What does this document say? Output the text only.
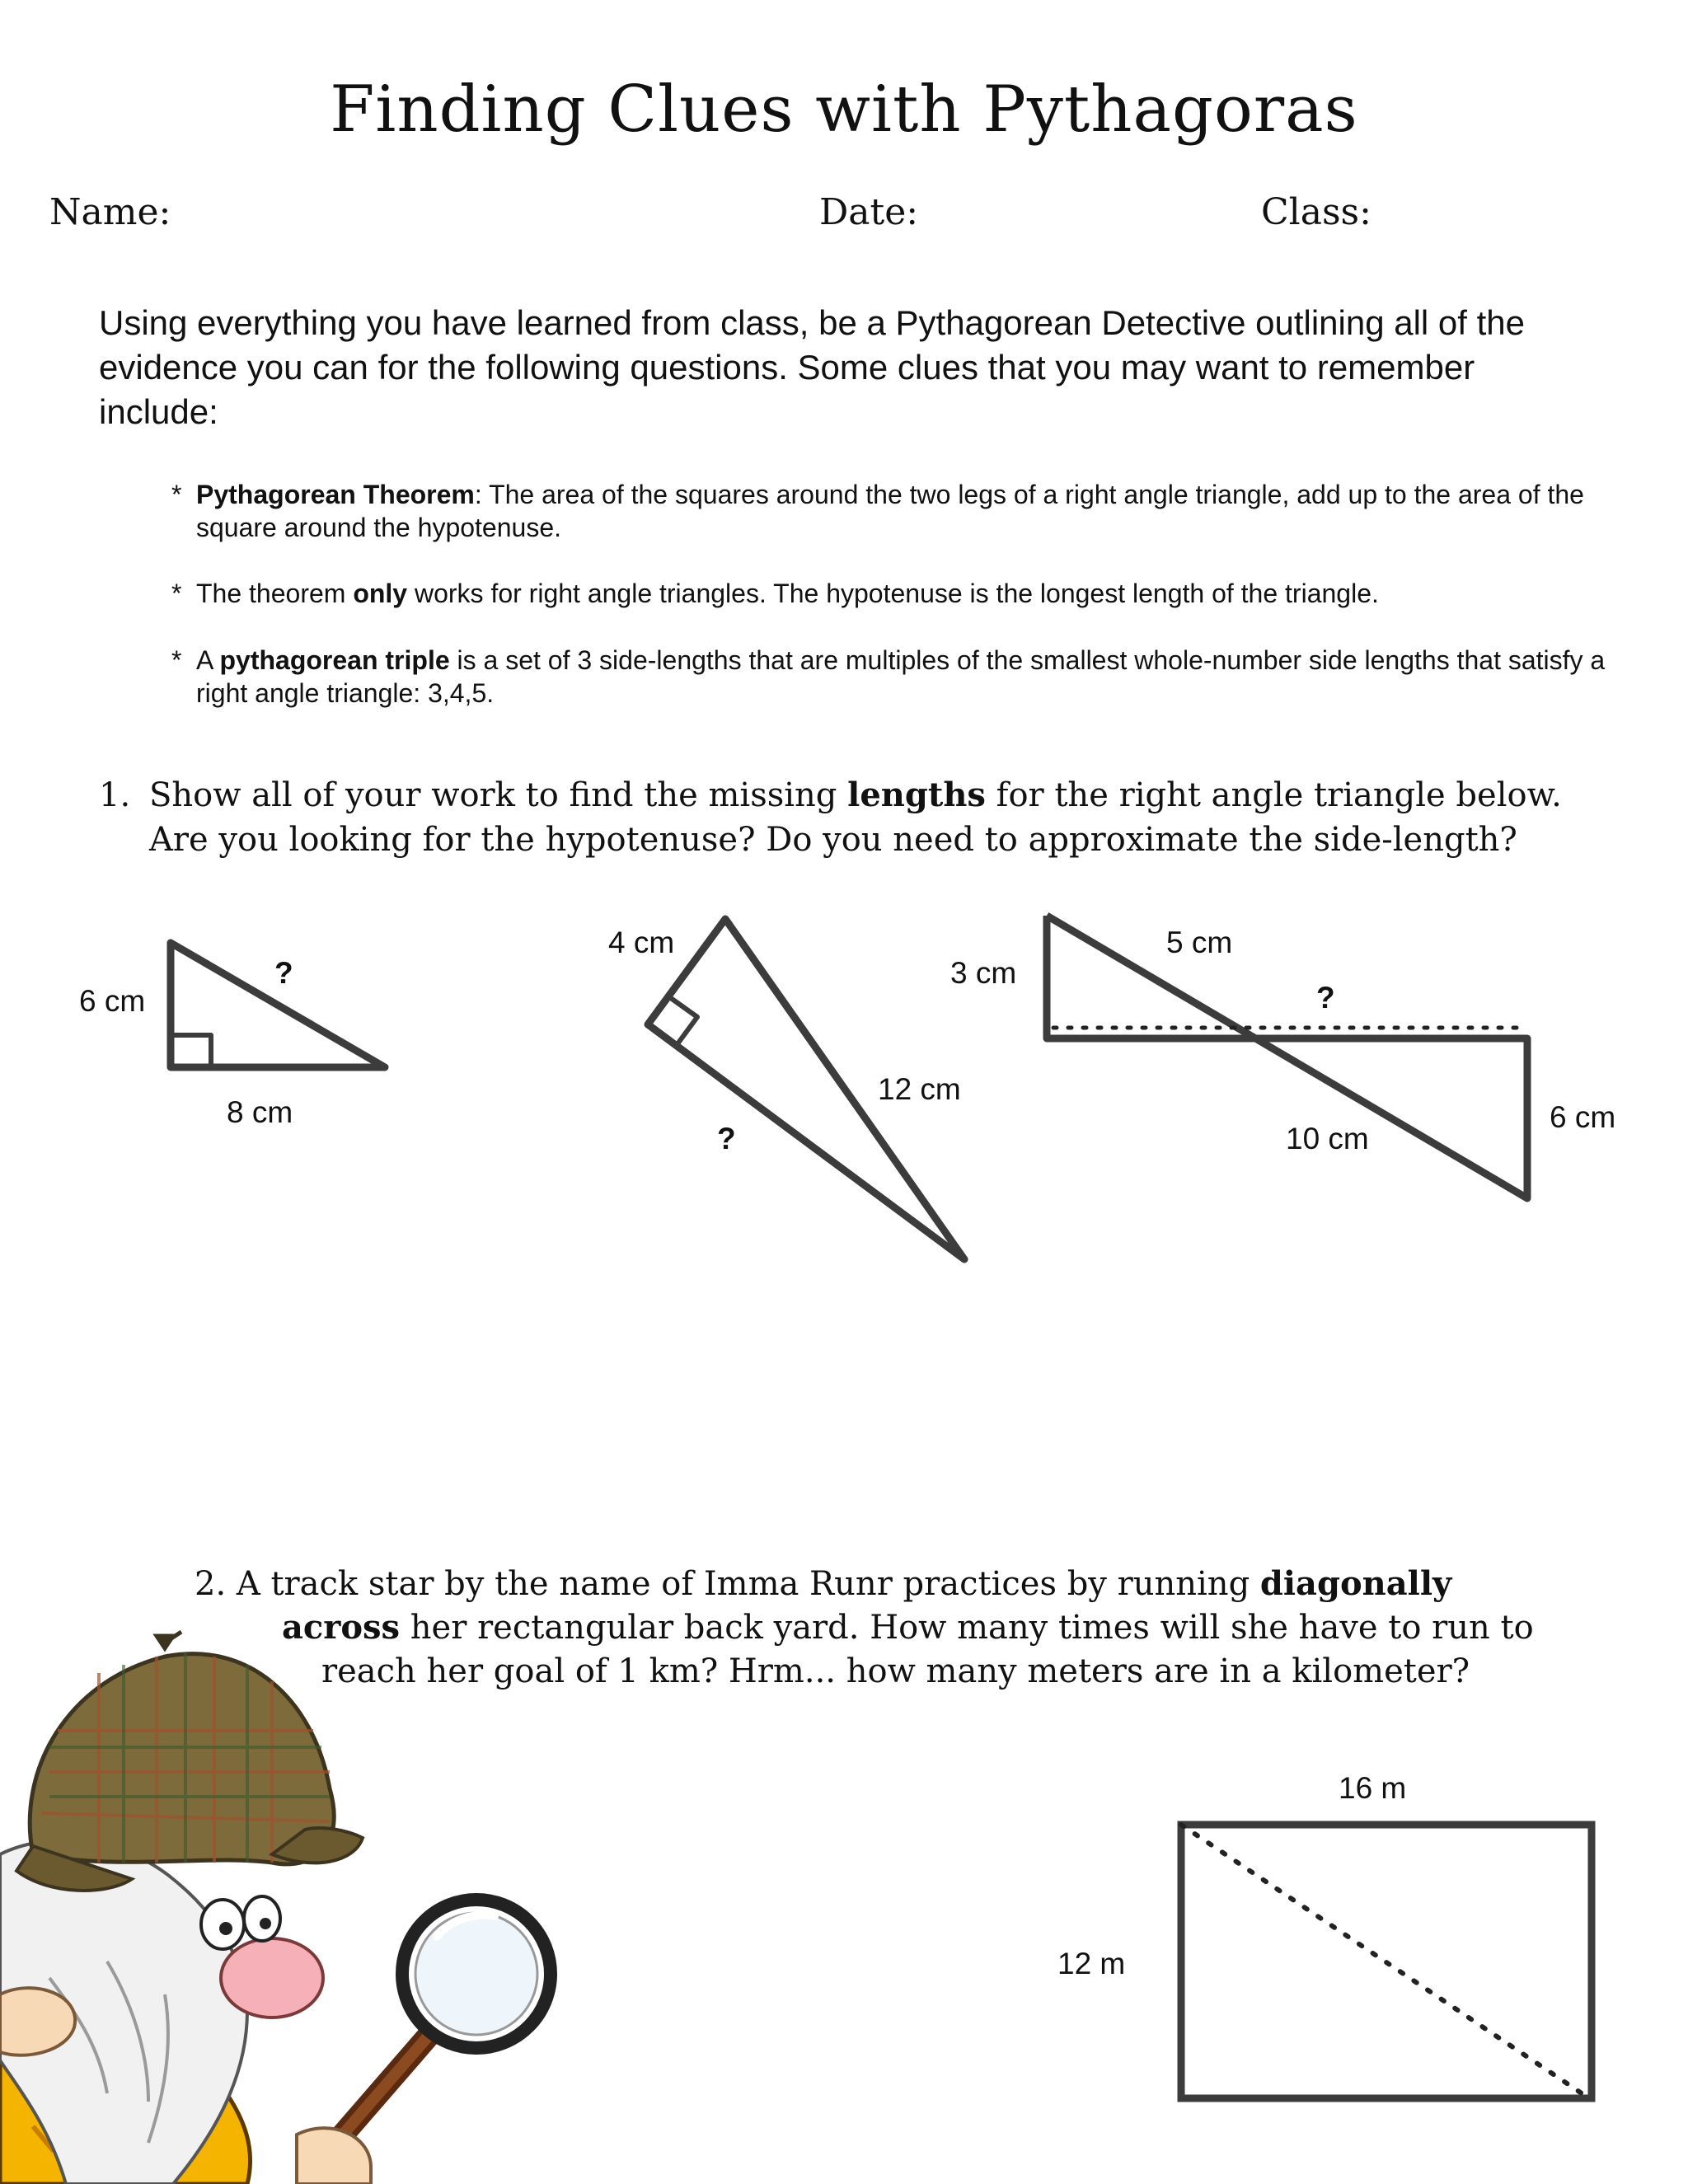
Finding Clues with Pythagoras
Name:	Date:	Class:
Using everything you have learned from class, be a Pythagorean Detective outlining all of the evidence you can for the following questions. Some clues that you may want to remember include:
* Pythagorean Theorem: The area of the squares around the two legs of a right angle triangle, add up to the area of the square around the hypotenuse.
* The theorem only works for right angle triangles. The hypotenuse is the longest length of the triangle.
* A pythagorean triple is a set of 3 side-lengths that are multiples of the smallest whole-number side lengths that satisfy a right angle triangle: 3,4,5.
1. Show all of your work to find the missing lengths for the right angle triangle below.
Are you looking for the hypotenuse? Do you need to approximate the side-length?
2. A track star by the name of Imma Runr practices by running diagonally
across her rectangular back yard. How many times will she have to run to
reach her goal of 1 km? Hrm... how many meters are in a kilometer?
6 cm
8 cm
?
4 cm
12 cm
?
3 cm
5 cm
?
10 cm
6 cm
16 m
12 m
